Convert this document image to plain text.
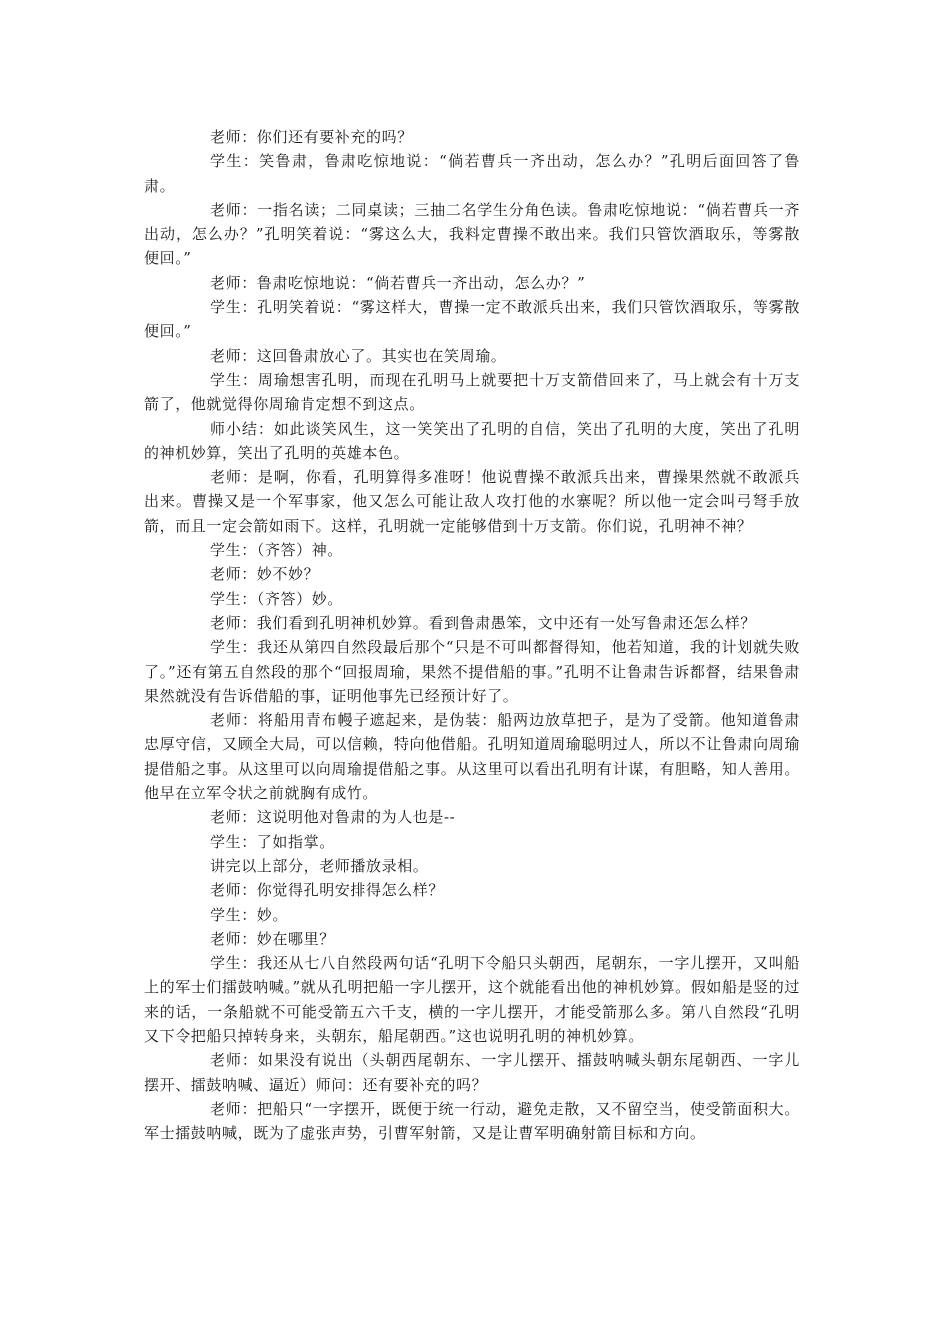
老师：你们还有要补充的吗？

学生：笑鲁肃，鲁肃吃惊地说：“倘若曹兵一齐出动，怎么办？”孔明后面回答了鲁肃。

老师：一指名读；二同桌读；三抽二名学生分角色读。鲁肃吃惊地说：“倘若曹兵一齐出动，怎么办？”孔明笑着说：“雾这么大，我料定曹操不敢出来。我们只管饮酒取乐，等雾散便回。”

老师：鲁肃吃惊地说：“倘若曹兵一齐出动，怎么办？”

学生：孔明笑着说：“雾这样大，曹操一定不敢派兵出来，我们只管饮酒取乐，等雾散便回。”

老师：这回鲁肃放心了。其实也在笑周瑜。

学生：周瑜想害孔明，而现在孔明马上就要把十万支箭借回来了，马上就会有十万支箭了，他就觉得你周瑜肯定想不到这点。

师小结：如此谈笑风生，这一笑笑出了孔明的自信，笑出了孔明的大度，笑出了孔明的神机妙算，笑出了孔明的英雄本色。

老师：是啊，你看，孔明算得多准呀！他说曹操不敢派兵出来，曹操果然就不敢派兵出来。曹操又是一个军事家，他又怎么可能让敌人攻打他的水寨呢？所以他一定会叫弓弩手放箭，而且一定会箭如雨下。这样，孔明就一定能够借到十万支箭。你们说，孔明神不神？

学生：（齐答）神。

老师：妙不妙？

学生：（齐答）妙。

老师：我们看到孔明神机妙算。看到鲁肃愚笨，文中还有一处写鲁肃还怎么样？

学生：我还从第四自然段最后那个“只是不可叫都督得知，他若知道，我的计划就失败了。”还有第五自然段的那个“回报周瑜，果然不提借船的事。”孔明不让鲁肃告诉都督，结果鲁肃果然就没有告诉借船的事，证明他事先已经预计好了。

老师：将船用青布幔子遮起来，是伪装：船两边放草把子，是为了受箭。他知道鲁肃忠厚守信，又顾全大局，可以信赖，特向他借船。孔明知道周瑜聪明过人，所以不让鲁肃向周瑜提借船之事。从这里可以向周瑜提借船之事。从这里可以看出孔明有计谋，有胆略，知人善用。他早在立军令状之前就胸有成竹。

老师：这说明他对鲁肃的为人也是--

学生：了如指掌。

讲完以上部分，老师播放录相。

老师：你觉得孔明安排得怎么样？

学生：妙。

老师：妙在哪里？

学生：我还从七八自然段两句话“孔明下令船只头朝西，尾朝东，一字儿摆开，又叫船上的军士们擂鼓呐喊。”就从孔明把船一字儿摆开，这个就能看出他的神机妙算。假如船是竖的过来的话，一条船就不可能受箭五六千支，横的一字儿摆开，才能受箭那么多。第八自然段“孔明又下令把船只掉转身来，头朝东，船尾朝西。”这也说明孔明的神机妙算。

老师：如果没有说出（头朝西尾朝东、一字儿摆开、擂鼓呐喊头朝东尾朝西、一字儿摆开、擂鼓呐喊、逼近）师问：还有要补充的吗？

老师：把船只“一字摆开，既便于统一行动，避免走散，又不留空当，使受箭面积大。军士擂鼓呐喊，既为了虚张声势，引曹军射箭，又是让曹军明确射箭目标和方向。
